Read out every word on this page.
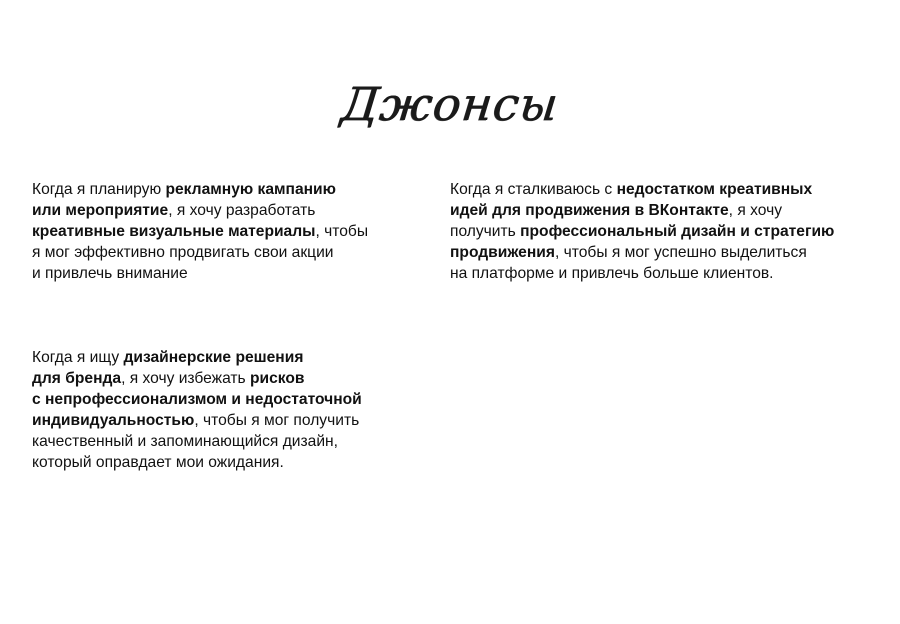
Джонсы

Когда я планирую рекламную кампанию
или мероприятие, я хочу разработать
креативные визуальные материалы, чтобы
я мог эффективно продвигать свои акции
и привлечь внимание

Когда я сталкиваюсь с недостатком креативных
идей для продвижения в ВКонтакте, я хочу
получить профессиональный дизайн и стратегию
продвижения, чтобы я мог успешно выделиться
на платформе и привлечь больше клиентов.

Когда я ищу дизайнерские решения
для бренда, я хочу избежать рисков
с непрофессионализмом и недостаточной
индивидуальностью, чтобы я мог получить
качественный и запоминающийся дизайн,
который оправдает мои ожидания.
